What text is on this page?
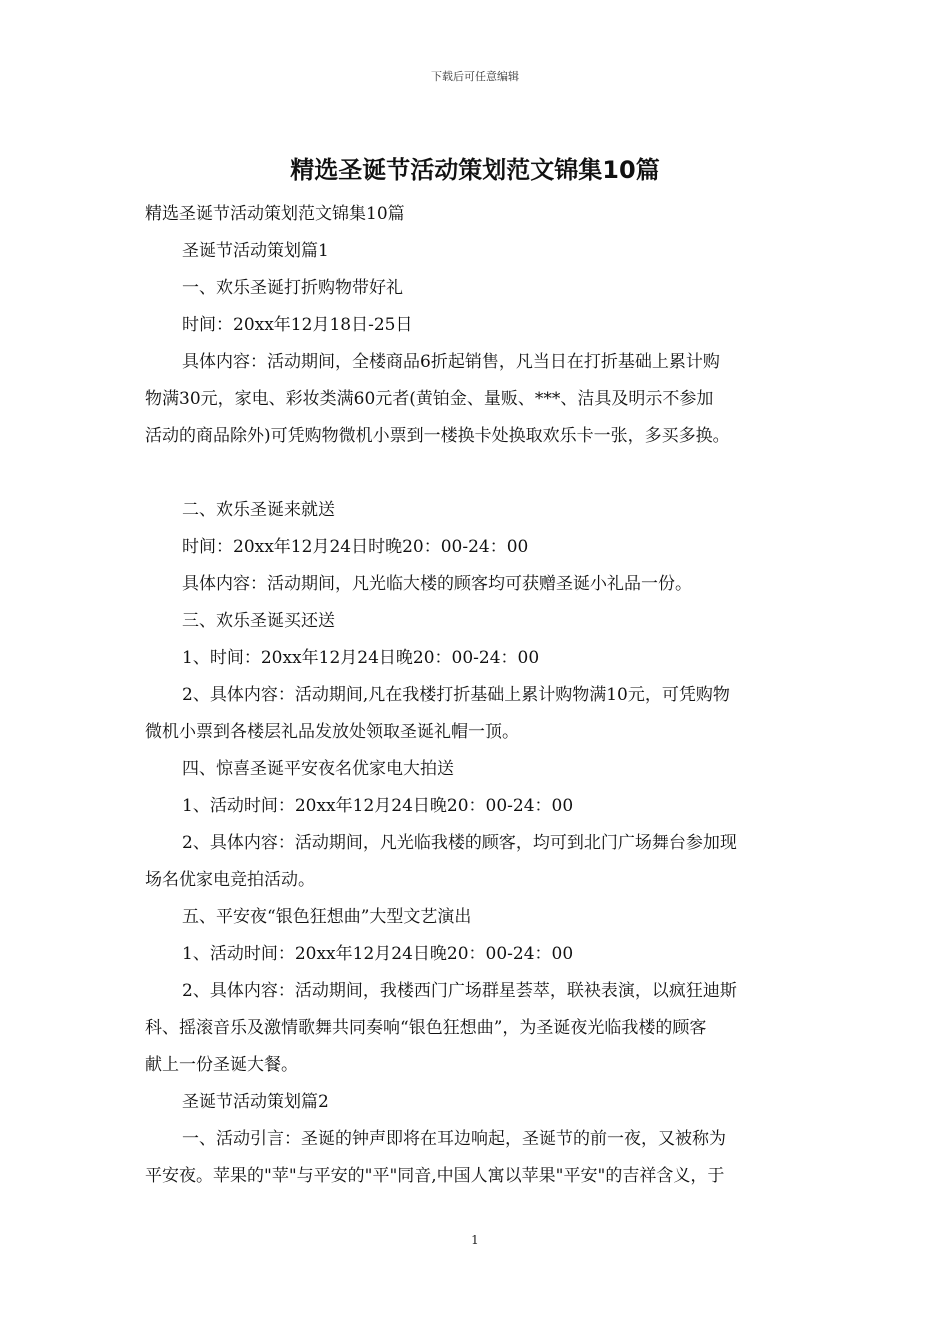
下载后可任意编辑
精选圣诞节活动策划范文锦集10篇

精选圣诞节活动策划范文锦集10篇

圣诞节活动策划篇1

一、欢乐圣诞打折购物带好礼

时间：20xx年12月18日-25日

具体内容：活动期间，全楼商品6折起销售，凡当日在打折基础上累计购

物满30元，家电、彩妆类满60元者(黄铂金、量贩、***、洁具及明示不参加

活动的商品除外)可凭购物微机小票到一楼换卡处换取欢乐卡一张，多买多换。

二、欢乐圣诞来就送

时间：20xx年12月24日时晚20：00-24：00

具体内容：活动期间，凡光临大楼的顾客均可获赠圣诞小礼品一份。

三、欢乐圣诞买还送

1、时间：20xx年12月24日晚20：00-24：00

2、具体内容：活动期间,凡在我楼打折基础上累计购物满10元，可凭购物

微机小票到各楼层礼品发放处领取圣诞礼帽一顶。

四、惊喜圣诞平安夜名优家电大拍送

1、活动时间：20xx年12月24日晚20：00-24：00

2、具体内容：活动期间，凡光临我楼的顾客，均可到北门广场舞台参加现

场名优家电竞拍活动。

五、平安夜“银色狂想曲”大型文艺演出

1、活动时间：20xx年12月24日晚20：00-24：00

2、具体内容：活动期间，我楼西门广场群星荟萃，联袂表演，以疯狂迪斯

科、摇滚音乐及激情歌舞共同奏响“银色狂想曲”，为圣诞夜光临我楼的顾客

献上一份圣诞大餐。

圣诞节活动策划篇2

一、活动引言：圣诞的钟声即将在耳边响起，圣诞节的前一夜，又被称为

平安夜。苹果的"苹"与平安的"平"同音,中国人寓以苹果"平安"的吉祥含义，于

1
